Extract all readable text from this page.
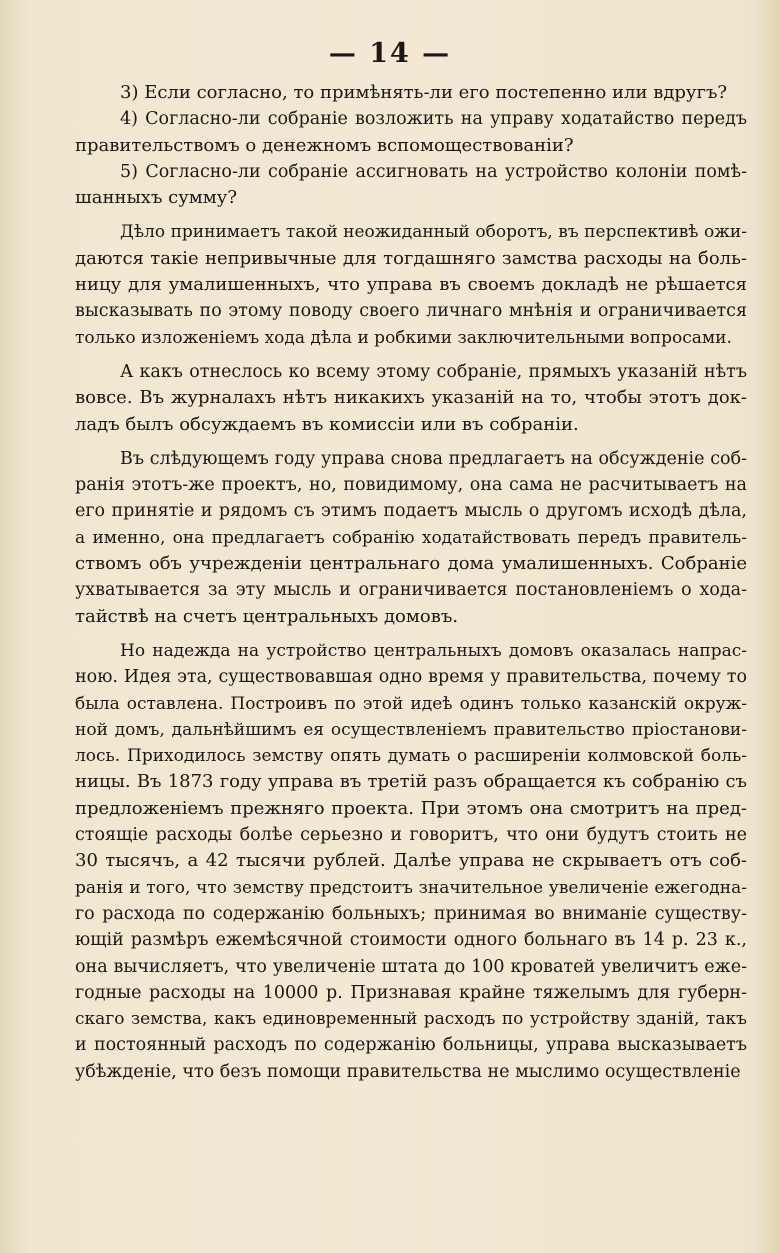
— 14 —
3) Если согласно, то примѣнять-ли его постепенно или вдругъ?
4) Согласно-ли собраніе возложить на управу ходатайство передъ
правительствомъ о денежномъ вспомоществованіи?
5) Согласно-ли собраніе ассигновать на устройство колоніи помѣ-
шанныхъ сумму?
Дѣло принимаетъ такой неожиданный оборотъ, въ перспективѣ ожи-
даются такіе непривычные для тогдашняго замства расходы на боль-
ницу для умалишенныхъ, что управа въ своемъ докладѣ не рѣшается
высказывать по этому поводу своего личнаго мнѣнія и ограничивается
только изложеніемъ хода дѣла и робкими заключительными вопросами.
А какъ отнеслось ко всему этому собраніе, прямыхъ указаній нѣтъ
вовсе. Въ журналахъ нѣтъ никакихъ указаній на то, чтобы этотъ док-
ладъ былъ обсуждаемъ въ комиссіи или въ собраніи.
Въ слѣдующемъ году управа снова предлагаетъ на обсужденіе соб-
ранія этотъ-же проектъ, но, повидимому, она сама не расчитываетъ на
его принятіе и рядомъ съ этимъ подаетъ мысль о другомъ исходѣ дѣла,
а именно, она предлагаетъ собранію ходатайствовать передъ правитель-
ствомъ объ учрежденіи центральнаго дома умалишенныхъ. Собраніе
ухватывается за эту мысль и ограничивается постановленіемъ о хода-
тайствѣ на счетъ центральныхъ домовъ.
Но надежда на устройство центральныхъ домовъ оказалась напрас-
ною. Идея эта, существовавшая одно время у правительства, почему то
была оставлена. Построивъ по этой идеѣ одинъ только казанскій окруж-
ной домъ, дальнѣйшимъ ея осуществленіемъ правительство пріостанови-
лось. Приходилось земству опять думать о расширеніи колмовской боль-
ницы. Въ 1873 году управа въ третій разъ обращается къ собранію съ
предложеніемъ прежняго проекта. При этомъ она смотритъ на пред-
стоящіе расходы болѣе серьезно и говоритъ, что они будутъ стоить не
30 тысячъ, а 42 тысячи рублей. Далѣе управа не скрываетъ отъ соб-
ранія и того, что земству предстоитъ значительное увеличеніе ежегодна-
го расхода по содержанію больныхъ; принимая во вниманіе существу-
ющій размѣръ ежемѣсячной стоимости одного больнаго въ 14 р. 23 к.,
она вычисляетъ, что увеличеніе штата до 100 кроватей увеличитъ еже-
годные расходы на 10000 р. Признавая крайне тяжелымъ для губерн-
скаго земства, какъ единовременный расходъ по устройству зданій, такъ
и постоянный расходъ по содержанію больницы, управа высказываетъ
убѣжденіе, что безъ помощи правительства не мыслимо осуществленіе
